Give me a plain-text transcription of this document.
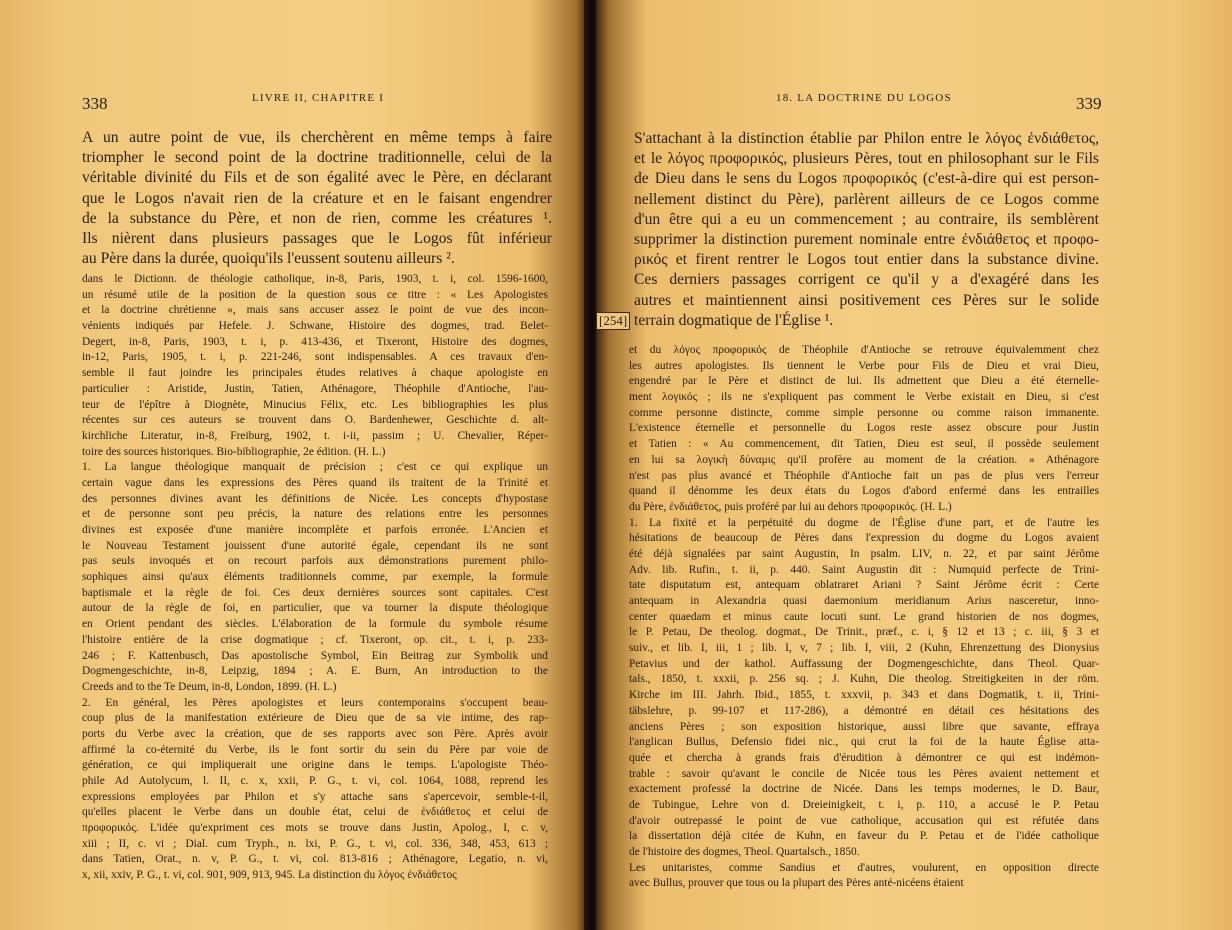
338	LIVRE II, CHAPITRE I
A un autre point de vue, ils cherchèrent en même temps à faire
triompher le second point de la doctrine traditionnelle, celui de la
véritable divinité du Fils et de son égalité avec le Père, en déclarant
que le Logos n'avait rien de la créature et en le faisant engendrer
de la substance du Père, et non de rien, comme les créatures ¹.
Ils nièrent dans plusieurs passages que le Logos fût inférieur
au Père dans la durée, quoiqu'ils l'eussent soutenu ailleurs ².
dans le Dictionn. de théologie catholique, in-8, Paris, 1903, t. i, col. 1596-1600,
un résumé utile de la position de la question sous ce titre : « Les Apologistes
et la doctrine chrétienne », mais sans accuser assez le point de vue des incon-
vénients indiqués par Hefele. J. Schwane, Histoire des dogmes, trad. Belet-
Degert, in-8, Paris, 1903, t. i, p. 413-436, et Tixeront, Histoire des dogmes,
in-12, Paris, 1905, t. i, p. 221-246, sont indispensables. A ces travaux d'en-
semble il faut joindre les principales études relatives à chaque apologiste en
particulier : Aristide, Justin, Tatien, Athénagore, Théophile d'Antioche, l'au-
teur de l'épître à Diognète, Minucius Félix, etc. Les bibliographies les plus
récentes sur ces auteurs se trouvent dans O. Bardenhewer, Geschichte d. alt-
kirchliche Literatur, in-8, Freiburg, 1902, t. i-ii, passim ; U. Chevalier, Réper-
toire des sources historiques. Bio-bibliographie, 2e édition. (H. L.)
1. La langue théologique manquait de précision ; c'est ce qui explique un
certain vague dans les expressions des Pères quand ils traitent de la Trinité et
des personnes divines avant les définitions de Nicée. Les concepts d'hypostase
et de personne sont peu précis, la nature des relations entre les personnes
divines est exposée d'une manière incomplète et parfois erronée. L'Ancien et
le Nouveau Testament jouissent d'une autorité égale, cependant ils ne sont
pas seuls invoqués et on recourt parfois aux démonstrations purement philo-
sophiques ainsi qu'aux éléments traditionnels comme, par exemple, la formule
baptismale et la règle de foi. Ces deux dernières sources sont capitales. C'est
autour de la règle de foi, en particulier, que va tourner la dispute théologique
en Orient pendant des siècles. L'élaboration de la formule du symbole résume
l'histoire entière de la crise dogmatique ; cf. Tixeront, op. cit., t. i, p. 233-
246 ; F. Kattenbusch, Das apostolische Symbol, Ein Beitrag zur Symbolik und
Dogmengeschichte, in-8, Leipzig, 1894 ; A. E. Burn, An introduction to the
Creeds and to the Te Deum, in-8, London, 1899. (H. L.)
2. En général, les Pères apologistes et leurs contemporains s'occupent beau-
coup plus de la manifestation extérieure de Dieu que de sa vie intime, des rap-
ports du Verbe avec la création, que de ses rapports avec son Père. Après avoir
affirmé la co-éternité du Verbe, ils le font sortir du sein du Père par voie de
génération, ce qui impliquerait une origine dans le temps. L'apologiste Théo-
phile Ad Autolycum, l. II, c. x, xxii, P. G., t. vi, col. 1064, 1088, reprend les
expressions employées par Philon et s'y attache sans s'apercevoir, semble-t-il,
qu'elles placent le Verbe dans un double état, celui de ἐνδιάθετος et celui de
προφορικός. L'idée qu'expriment ces mots se trouve dans Justin, Apolog., I, c. v,
xiii ; II, c. vi ; Dial. cum Tryph., n. lxi, P. G., t. vi, col. 336, 348, 453, 613 ;
dans Tatien, Orat., n. v, P. G., t. vi, col. 813-816 ; Athénagore, Legatio, n. vi,
x, xii, xxiv, P. G., t. vi, col. 901, 909, 913, 945. La distinction du λόγος ἐνδιάθετος
18. LA DOCTRINE DU LOGOS	339
S'attachant à la distinction établie par Philon entre le λόγος ἐνδιάθετος,
et le λόγος προφορικός, plusieurs Pères, tout en philosophant sur le Fils
de Dieu dans le sens du Logos προφορικός (c'est-à-dire qui est person-
nellement distinct du Père), parlèrent ailleurs de ce Logos comme
d'un être qui a eu un commencement ; au contraire, ils semblèrent
supprimer la distinction purement nominale entre ἐνδιάθετος et προφο-
ρικός et firent rentrer le Logos tout entier dans la substance divine.
Ces derniers passages corrigent ce qu'il y a d'exagéré dans les
autres et maintiennent ainsi positivement ces Pères sur le solide
terrain dogmatique de l'Église ¹.
et du λόγος προφορικός de Théophile d'Antioche se retrouve équivalemment chez
les autres apologistes. Ils tiennent le Verbe pour Fils de Dieu et vrai Dieu,
engendré par le Père et distinct de lui. Ils admettent que Dieu a été éternelle-
ment λογικός ; ils ne s'expliquent pas comment le Verbe existait en Dieu, si c'est
comme personne distincte, comme simple personne ou comme raison immanente.
L'existence éternelle et personnelle du Logos reste assez obscure pour Justin
et Tatien : « Au commencement, dit Tatien, Dieu est seul, il possède seulement
en lui sa λογικὴ δύναμις qu'il profère au moment de la création. » Athénagore
n'est pas plus avancé et Théophile d'Antioche fait un pas de plus vers l'erreur
quand il dénomme les deux états du Logos d'abord enfermé dans les entrailles
du Père, ἐνδιάθετος, puis proféré par lui au dehors προφορικός. (H. L.)
1. La fixité et la perpétuité du dogme de l'Église d'une part, et de l'autre les
hésitations de beaucoup de Pères dans l'expression du dogme du Logos avaient
été déjà signalées par saint Augustin, In psalm. LIV, n. 22, et par saint Jérôme
Adv. lib. Rufin., t. ii, p. 440. Saint Augustin dit : Numquid perfecte de Trini-
tate disputatum est, antequam oblatraret Ariani ? Saint Jérôme écrit : Certe
antequam in Alexandria quasi daemonium meridianum Arius nasceretur, inno-
center quaedam et minus caute locuti sunt. Le grand historien de nos dogmes,
le P. Petau, De theolog. dogmat., De Trinit., præf., c. i, § 12 et 13 ; c. iii, § 3 et
suiv., et lib. I, iii, 1 ; lib. I, v, 7 ; lib. I, viii, 2 (Kuhn, Ehrenzettung des Dionysius
Petavius und der kathol. Auffassung der Dogmengeschichte, dans Theol. Quar-
tals., 1850, t. xxxii, p. 256 sq. ; J. Kuhn, Die theolog. Streitigkeiten in der röm.
Kirche im III. Jahrh. Ibid., 1855, t. xxxvii, p. 343 et dans Dogmatik, t. ii, Trini-
täbslehre, p. 99-107 et 117-286), a démontré en détail ces hésitations des
anciens Pères ; son exposition historique, aussi libre que savante, effraya
l'anglican Bullus, Defensio fidei nic., qui crut la foi de la haute Église atta-
quée et chercha à grands frais d'érudition à démontrer ce qui est indémon-
trable : savoir qu'avant le concile de Nicée tous les Pères avaient nettement et
exactement professé la doctrine de Nicée. Dans les temps modernes, le D. Baur,
de Tubingue, Lehre von d. Dreieinigkeit, t. i, p. 110, a accusé le P. Petau
d'avoir outrepassé le point de vue catholique, accusation qui est réfutée dans
la dissertation déjà citée de Kuhn, en faveur du P. Petau et de l'idée catholique
de l'histoire des dogmes, Theol. Quartalsch., 1850.
Les unitaristes, comme Sandius et d'autres, voulurent, en opposition directe
avec Bullus, prouver que tous ou la plupart des Pères anté-nicéens étaient
[254]
